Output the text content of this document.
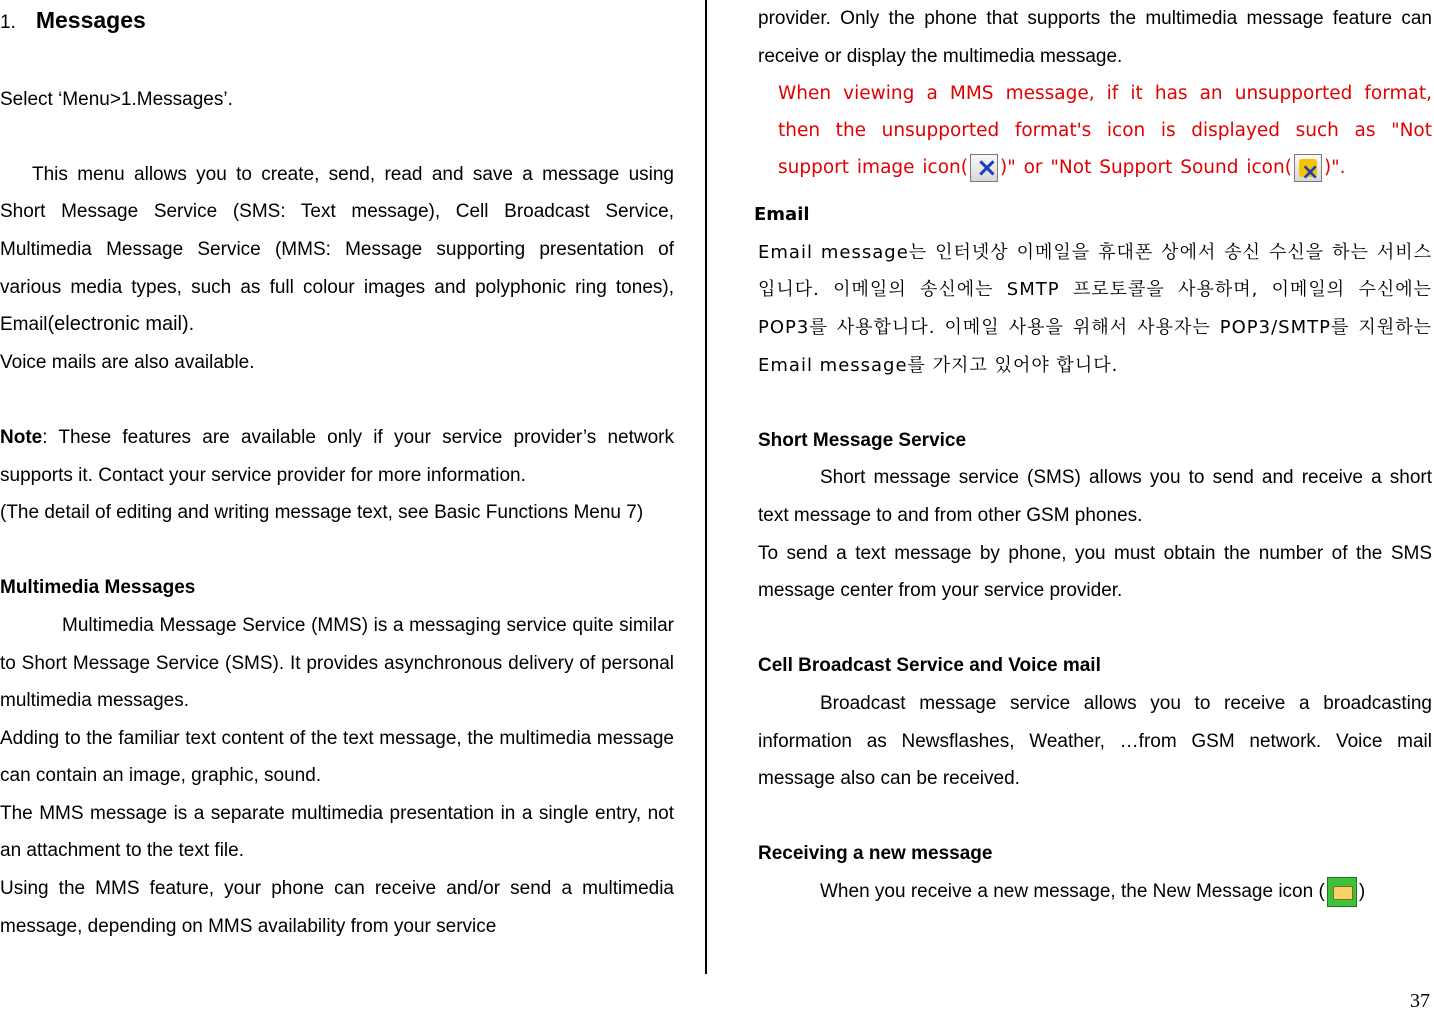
1. Messages

Select ‘Menu>1.Messages’.

This menu allows you to create, send, read and save a message using Short Message Service (SMS: Text message), Cell Broadcast Service, Multimedia Message Service (MMS: Message supporting presentation of various media types, such as full colour images and polyphonic ring tones), Email(electronic mail).

Voice mails are also available.

Note: These features are available only if your service provider’s network supports it. Contact your service provider for more information.

(The detail of editing and writing message text, see Basic Functions Menu 7)

Multimedia Messages

Multimedia Message Service (MMS) is a messaging service quite similar to Short Message Service (SMS). It provides asynchronous delivery of personal multimedia messages.

Adding to the familiar text content of the text message, the multimedia message can contain an image, graphic, sound.

The MMS message is a separate multimedia presentation in a single entry, not an attachment to the text file.

Using the MMS feature, your phone can receive and/or send a multimedia message, depending on MMS availability from your service

provider. Only the phone that supports the multimedia message feature can receive or display the multimedia message.

When viewing a MMS message, if it has an unsupported format, then the unsupported format's icon is displayed such as "Not support image icon( × )" or "Not Support Sound icon( × )".

Email

Email message는 인터넷상 이메일을 휴대폰 상에서 송신 수신을 하는 서비스 입니다. 이메일의 송신에는 SMTP 프로토콜을 사용하며, 이메일의 수신에는 POP3를 사용합니다. 이메일 사용을 위해서 사용자는 POP3/SMTP를 지원하는 Email message를 가지고 있어야 합니다.

Short Message Service

Short message service (SMS) allows you to send and receive a short text message to and from other GSM phones.

To send a text message by phone, you must obtain the number of the SMS message center from your service provider.

Cell Broadcast Service and Voice mail

Broadcast message service allows you to receive a broadcasting information as Newsflashes, Weather, …from GSM network. Voice mail message also can be received.

Receiving a new message

When you receive a new message, the New Message icon ( )

37
